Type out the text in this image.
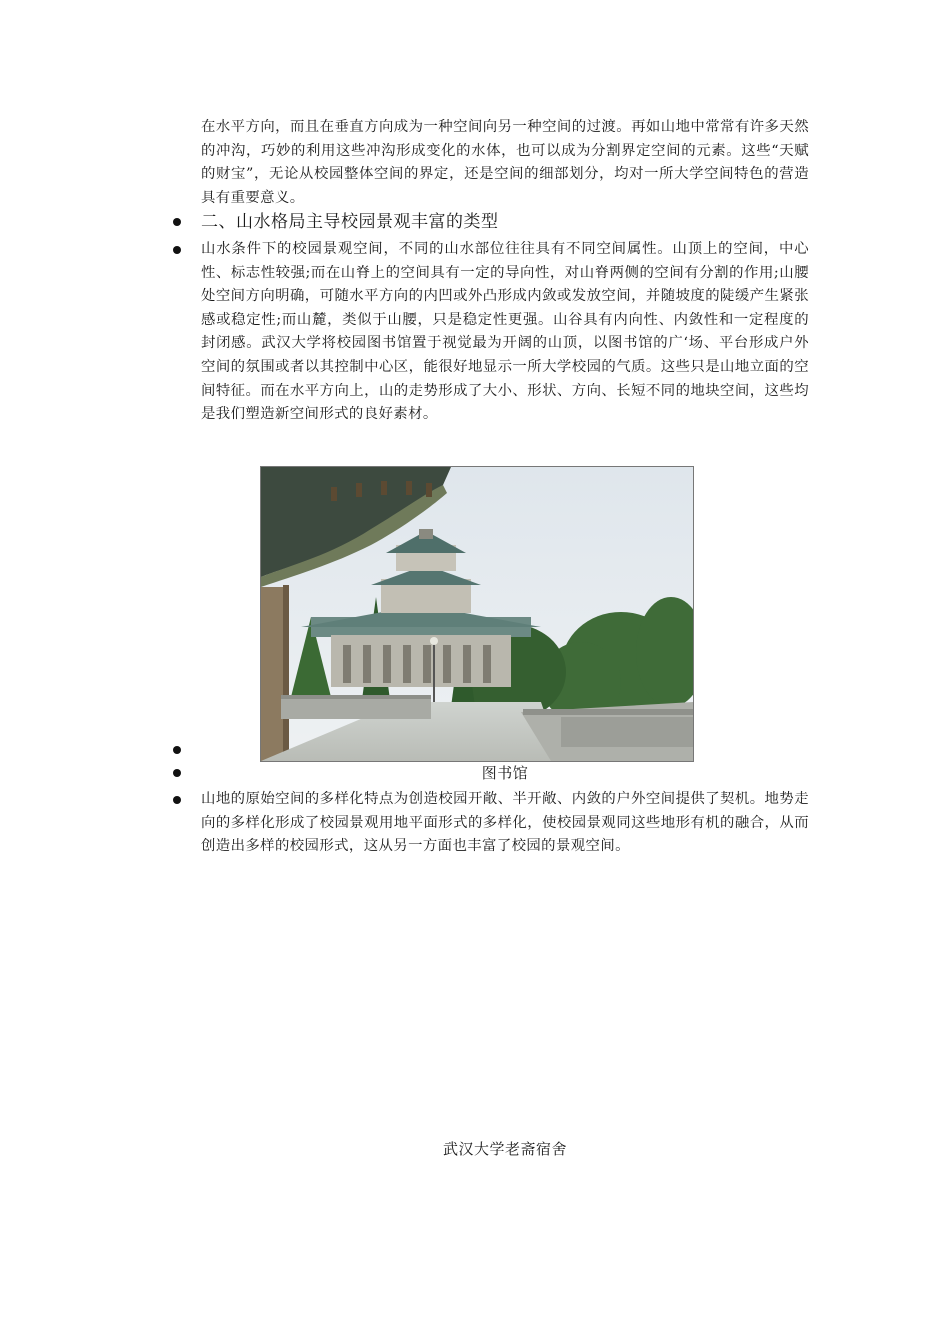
在水平方向，而且在垂直方向成为一种空间向另一种空间的过渡。再如山地中常常有许多天然的冲沟，巧妙的利用这些冲沟形成变化的水体，也可以成为分割界定空间的元素。这些“天赋的财宝”，无论从校园整体空间的界定，还是空间的细部划分，均对一所大学空间特色的营造具有重要意义。

二、山水格局主导校园景观丰富的类型

山水条件下的校园景观空间，不同的山水部位往往具有不同空间属性。山顶上的空间，中心性、标志性较强;而在山脊上的空间具有一定的导向性，对山脊两侧的空间有分割的作用;山腰处空间方向明确，可随水平方向的内凹或外凸形成内敛或发放空间，并随坡度的陡缓产生紧张感或稳定性;而山麓，类似于山腰，只是稳定性更强。山谷具有内向性、内敛性和一定程度的封闭感。武汉大学将校园图书馆置于视觉最为开阔的山顶，以图书馆的广‘场、平台形成户外空间的氛围或者以其控制中心区，能很好地显示一所大学校园的气质。这些只是山地立面的空间特征。而在水平方向上，山的走势形成了大小、形状、方向、长短不同的地块空间，这些均是我们塑造新空间形式的良好素材。

图书馆

山地的原始空间的多样化特点为创造校园开敞、半开敞、内敛的户外空间提供了契机。地势走向的多样化形成了校园景观用地平面形式的多样化，使校园景观同这些地形有机的融合，从而创造出多样的校园形式，这从另一方面也丰富了校园的景观空间。

武汉大学老斋宿舍
